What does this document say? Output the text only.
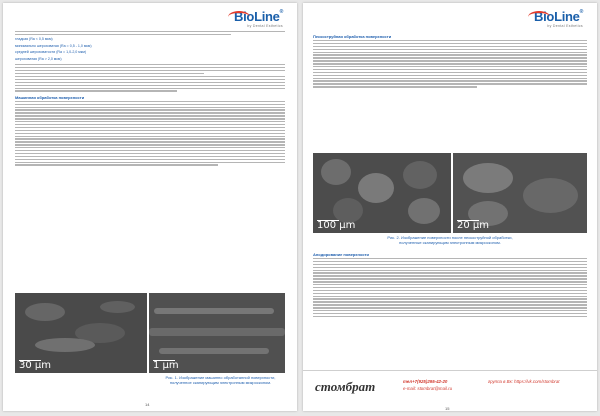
BioLine®
by Dental Esthetics

гладкая (Ra < 0,5 мкм)

минимально шероховатая (Ra = 0,5 - 1,0 мкм)

средней шероховатости (Ra = 1,0-2,0 мкм)

шероховатая (Ra > 2,0 мкм)

Машинная обработка поверхности
30 µm	1 µm
Рис. 1. Изображение машинно обработанной поверхности,
полученное сканирующим электронным микроскопом.
14
BioLine®
by Dental Esthetics
Пескоструйная обработка поверхности
100 µm	20 µm
Рис. 2. Изображение поверхности после пескоструйной обработки,
полученные сканирующим электронным микроскопом.
Анодирование поверхности
стомбрат	тел+7(925)295-42-20
e-mail: stombrat@mail.ru
группа в Вк: https://vk.com/stombrat
15
